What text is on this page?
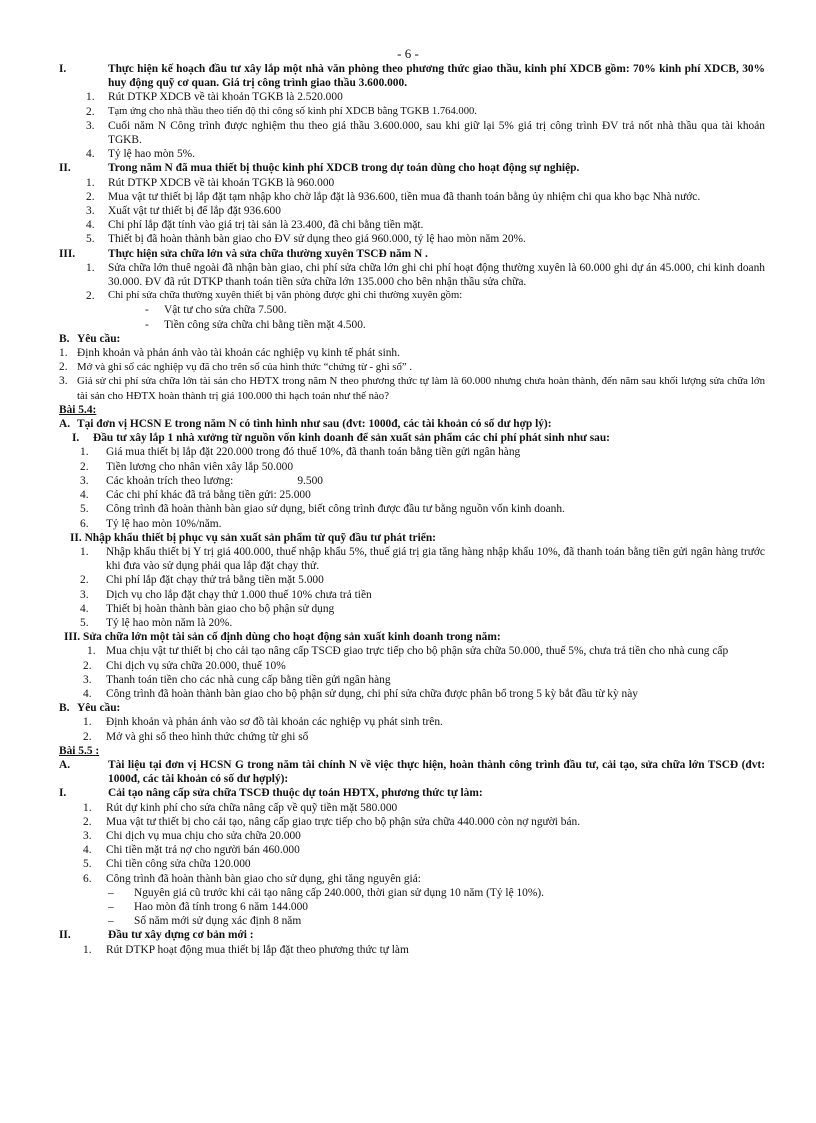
- 6 -
I.	Thực hiện kế hoạch đầu tư xây lắp một nhà văn phòng theo phương thức giao thầu, kinh phí XDCB gồm: 70% kinh phí XDCB, 30% huy động quỹ cơ quan. Giá trị công trình giao thầu 3.600.000.
1.	Rút DTKP XDCB về tài khoản TGKB là 2.520.000
2.	Tạm ứng cho nhà thầu theo tiến độ thi công số kinh phí XDCB bằng TGKB 1.764.000.
3.	Cuối năm N Công trình được nghiệm thu theo giá thầu 3.600.000, sau khi giữ lại 5% giá trị công trình ĐV trả nốt nhà thầu qua tài khoản TGKB.
4.	Tỷ lệ hao mòn 5%.
II.	Trong năm N đã mua thiết bị thuộc kinh phí XDCB trong dự toán dùng cho hoạt động sự nghiệp.
1.	Rút DTKP XDCB về tài khoản TGKB là 960.000
2.	Mua vật tư thiết bị lắp đặt tạm nhập kho chờ lắp đặt là 936.600, tiền mua đã thanh toán bằng ủy nhiệm chi qua kho bạc Nhà nước.
3.	Xuất vật tư thiết bị để lắp đặt 936.600
4.	Chi phí lắp đặt tính vào giá trị tài sản là 23.400, đã chi bằng tiền mặt.
5.	Thiết bị đã hoàn thành bàn giao cho ĐV sử dụng theo giá 960.000, tỷ lệ hao mòn năm 20%.
III.	Thực hiện sửa chữa lớn và sửa chữa thường xuyên TSCĐ năm N .
1.	Sửa chữa lớn thuê ngoài đã nhận bàn giao, chi phí sửa chữa lớn ghi chi phí hoạt động thường xuyên là 60.000 ghi dự án 45.000, chi kinh doanh 30.000. ĐV đã rút DTKP thanh toán tiền sửa chữa lớn 135.000 cho bên nhận thầu sửa chữa.
2.	Chi phí sửa chữa thường xuyên thiết bị văn phòng được ghi chi thường xuyên gồm:
-	Vật tư cho sửa chữa 7.500.
-	Tiền công sửa chữa chi bằng tiền mặt 4.500.
B. Yêu cầu:
1. Định khoản và phản ánh vào tài khoản các nghiệp vụ kinh tế phát sinh.
2. Mở và ghi sổ các nghiệp vụ đã cho trên sổ của hình thức “chứng từ - ghi sổ” .
3. Giả sử chi phí sửa chữa lớn tài sản cho HĐTX trong năm N theo phương thức tự làm là 60.000 nhưng chưa hoàn thành, đến năm sau khối lượng sửa chữa lớn tài sản cho HĐTX hoàn thành trị giá 100.000 thì hạch toán như thế nào?
Bài 5.4:
A. Tại đơn vị HCSN E trong năm N có tình hình như sau (đvt: 1000đ, các tài khoản có số dư hợp lý):
I.	Đầu tư xây lắp 1 nhà xưởng từ nguồn vốn kinh doanh để sản xuất sản phẩm các chi phí phát sinh như sau:
1.	Giá mua thiết bị lắp đặt 220.000 trong đó thuế 10%, đã thanh toán bằng tiền gửi ngân hàng
2.	Tiền lương cho nhân viên xây lắp 50.000
3.	Các khoản trích theo lương:	9.500
4.	Các chi phí khác đã trả bằng tiền gửi: 25.000
5.	Công trình đã hoàn thành bàn giao sử dụng, biết công trình được đầu tư bằng nguồn vốn kinh doanh.
6.	Tỷ lệ hao mòn 10%/năm.
II. Nhập khẩu thiết bị phục vụ sản xuất sản phẩm từ quỹ đầu tư phát triển:
1.	Nhập khẩu thiết bị Y trị giá 400.000, thuế nhập khẩu 5%, thuế giá trị gia tăng hàng nhập khẩu 10%, đã thanh toán bằng tiền gửi ngân hàng trước khi đưa vào sử dụng phải qua lắp đặt chạy thử.
2.	Chi phí lắp đặt chạy thử trả bằng tiền mặt 5.000
3.	Dịch vụ cho lắp đặt chạy thử 1.000 thuế 10% chưa trả tiền
4.	Thiết bị hoàn thành bàn giao cho bộ phận sử dụng
5.	Tỷ lệ hao mòn năm là 20%.
III. Sửa chữa lớn một tài sản cố định dùng cho hoạt động sản xuất kinh doanh trong năm:
1. Mua chịu vật tư thiết bị cho cải tạo nâng cấp TSCĐ giao trực tiếp cho bộ phận sửa chữa 50.000, thuế 5%, chưa trả tiền cho nhà cung cấp
2.	Chi dịch vụ sửa chữa 20.000, thuế 10%
3.	Thanh toán tiền cho các nhà cung cấp bằng tiền gửi ngân hàng
4.	Công trình đã hoàn thành bàn giao cho bộ phận sử dụng, chi phí sửa chữa được phân bổ trong 5 kỳ bắt đầu từ kỳ này
B. Yêu cầu:
1.	Định khoản và phản ánh vào sơ đồ tài khoản các nghiệp vụ phát sinh trên.
2.	Mở và ghi sổ theo hình thức chứng từ ghi sổ
Bài 5.5 :
A.	Tài liệu tại đơn vị HCSN G trong năm tài chính N về việc thực hiện, hoàn thành công trình đầu tư, cải tạo, sửa chữa lớn TSCĐ (đvt: 1000đ, các tài khoản có số dư hợplý):
I.	Cải tạo nâng cấp sửa chữa TSCĐ thuộc dự toán HĐTX, phương thức tự làm:
1.	Rút dự kinh phí cho sửa chữa nâng cấp về quỹ tiền mặt 580.000
2.	Mua vật tư thiết bị cho cải tạo, nâng cấp giao trực tiếp cho bộ phận sửa chữa 440.000 còn nợ người bán.
3.	Chi dịch vụ mua chịu cho sửa chữa 20.000
4.	Chi tiền mặt trả nợ cho người bán 460.000
5.	Chi tiền công sửa chữa 120.000
6.	Công trình đã hoàn thành bàn giao cho sử dụng, ghi tăng nguyên giá:
–	Nguyên giá cũ trước khi cải tạo nâng cấp 240.000, thời gian sử dụng 10 năm (Tỷ lệ 10%).
–	Hao mòn đã tính trong 6 năm 144.000
–	Số năm mới sử dụng xác định 8 năm
II.	Đầu tư xây dựng cơ bản mới :
1.	Rút DTKP hoạt động mua thiết bị lắp đặt theo phương thức tự làm
